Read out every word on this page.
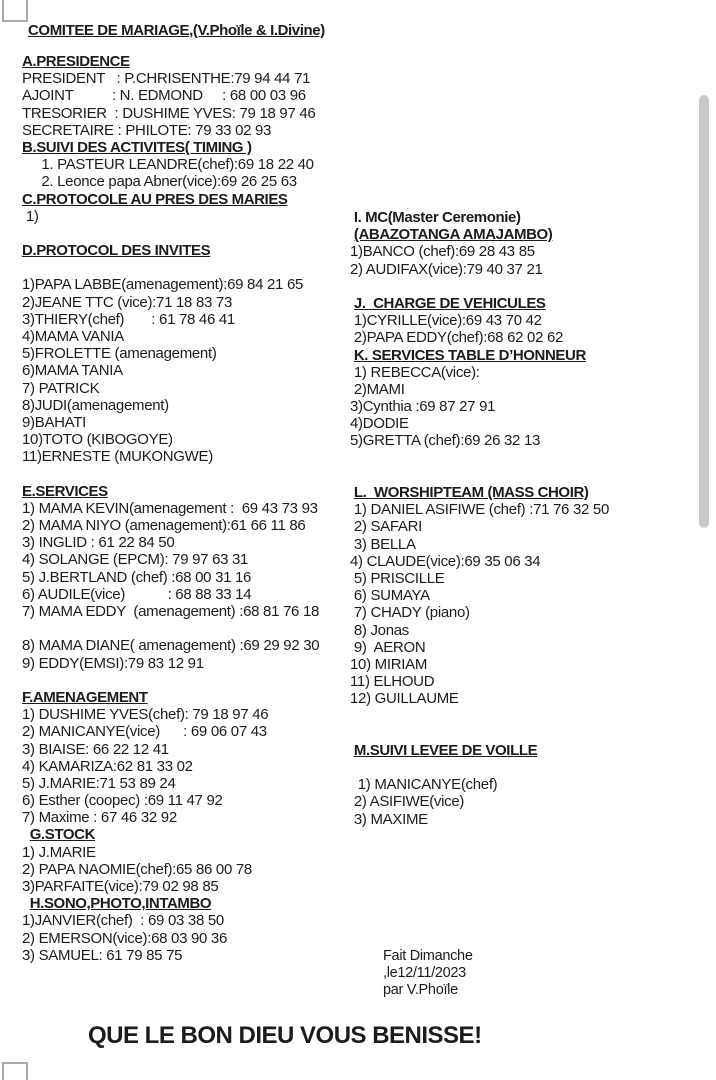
COMITEE DE MARIAGE,(V.Phoïle & I.Divine)
A.PRESIDENCE
PRESIDENT   : P.CHRISENTHE:79 94 44 71
AJOINT          : N. EDMOND     : 68 00 03 96
TRESORIER  : DUSHIME YVES: 79 18 97 46
SECRETAIRE : PHILOTE: 79 33 02 93
B.SUIVI DES ACTIVITES( TIMING )
1. PASTEUR LEANDRE(chef):69 18 22 40
2. Leonce papa Abner(vice):69 26 25 63
C.PROTOCOLE AU PRES DES MARIES
1)

D.PROTOCOL DES INVITES

1)PAPA LABBE(amenagement):69 84 21 65
2)JEANE TTC (vice):71 18 83 73
3)THIERY(chef)       : 61 78 46 41
4)MAMA VANIA
5)FROLETTE (amenagement)
6)MAMA TANIA
7) PATRICK
8)JUDI(amenagement)
9)BAHATI
10)TOTO (KIBOGOYE)
11)ERNESTE (MUKONGWE)

E.SERVICES
1) MAMA KEVIN(amenagement :  69 43 73 93
2) MAMA NIYO (amenagement):61 66 11 86
3) INGLID : 61 22 84 50
4) SOLANGE (EPCM): 79 97 63 31
5) J.BERTLAND (chef) :68 00 31 16
6) AUDILE(vice)           : 68 88 33 14
7) MAMA EDDY  (amenagement) :68 81 76 18

8) MAMA DIANE( amenagement) :69 29 92 30
9) EDDY(EMSI):79 83 12 91

F.AMENAGEMENT
1) DUSHIME YVES(chef): 79 18 97 46
2) MANICANYE(vice)      : 69 06 07 43
3) BIAISE: 66 22 12 41
4) KAMARIZA:62 81 33 02
5) J.MARIE:71 53 89 24
6) Esther (coopec) :69 11 47 92
7) Maxime : 67 46 32 92
G.STOCK
1) J.MARIE
2) PAPA NAOMIE(chef):65 86 00 78
3)PARFAITE(vice):79 02 98 85
H.SONO,PHOTO,INTAMBO
1)JANVIER(chef)  : 69 03 38 50
2) EMERSON(vice):68 03 90 36
3) SAMUEL: 61 79 85 75
I. MC(Master Ceremonie)
(ABAZOTANGA AMAJAMBO)
1)BANCO (chef):69 28 43 85
2) AUDIFAX(vice):79 40 37 21

J.  CHARGE DE VEHICULES
1)CYRILLE(vice):69 43 70 42
2)PAPA EDDY(chef):68 62 02 62
K. SERVICES TABLE D’HONNEUR
1) REBECCA(vice):
2)MAMI
3)Cynthia :69 87 27 91
4)DODIE
5)GRETTA (chef):69 26 32 13

L.  WORSHIPTEAM (MASS CHOIR)
1) DANIEL ASIFIWE (chef) :71 76 32 50
2) SAFARI
3) BELLA
4) CLAUDE(vice):69 35 06 34
5) PRISCILLE
6) SUMAYA
7) CHADY (piano)
8) Jonas
9)  AERON
10) MIRIAM
11) ELHOUD
12) GUILLAUME

M.SUIVI LEVEE DE VOILLE

1) MANICANYE(chef)
2) ASIFIWE(vice)
3) MAXIME
Fait Dimanche
,le12/11/2023
par V.Phoïle
QUE LE BON DIEU VOUS BENISSE!
